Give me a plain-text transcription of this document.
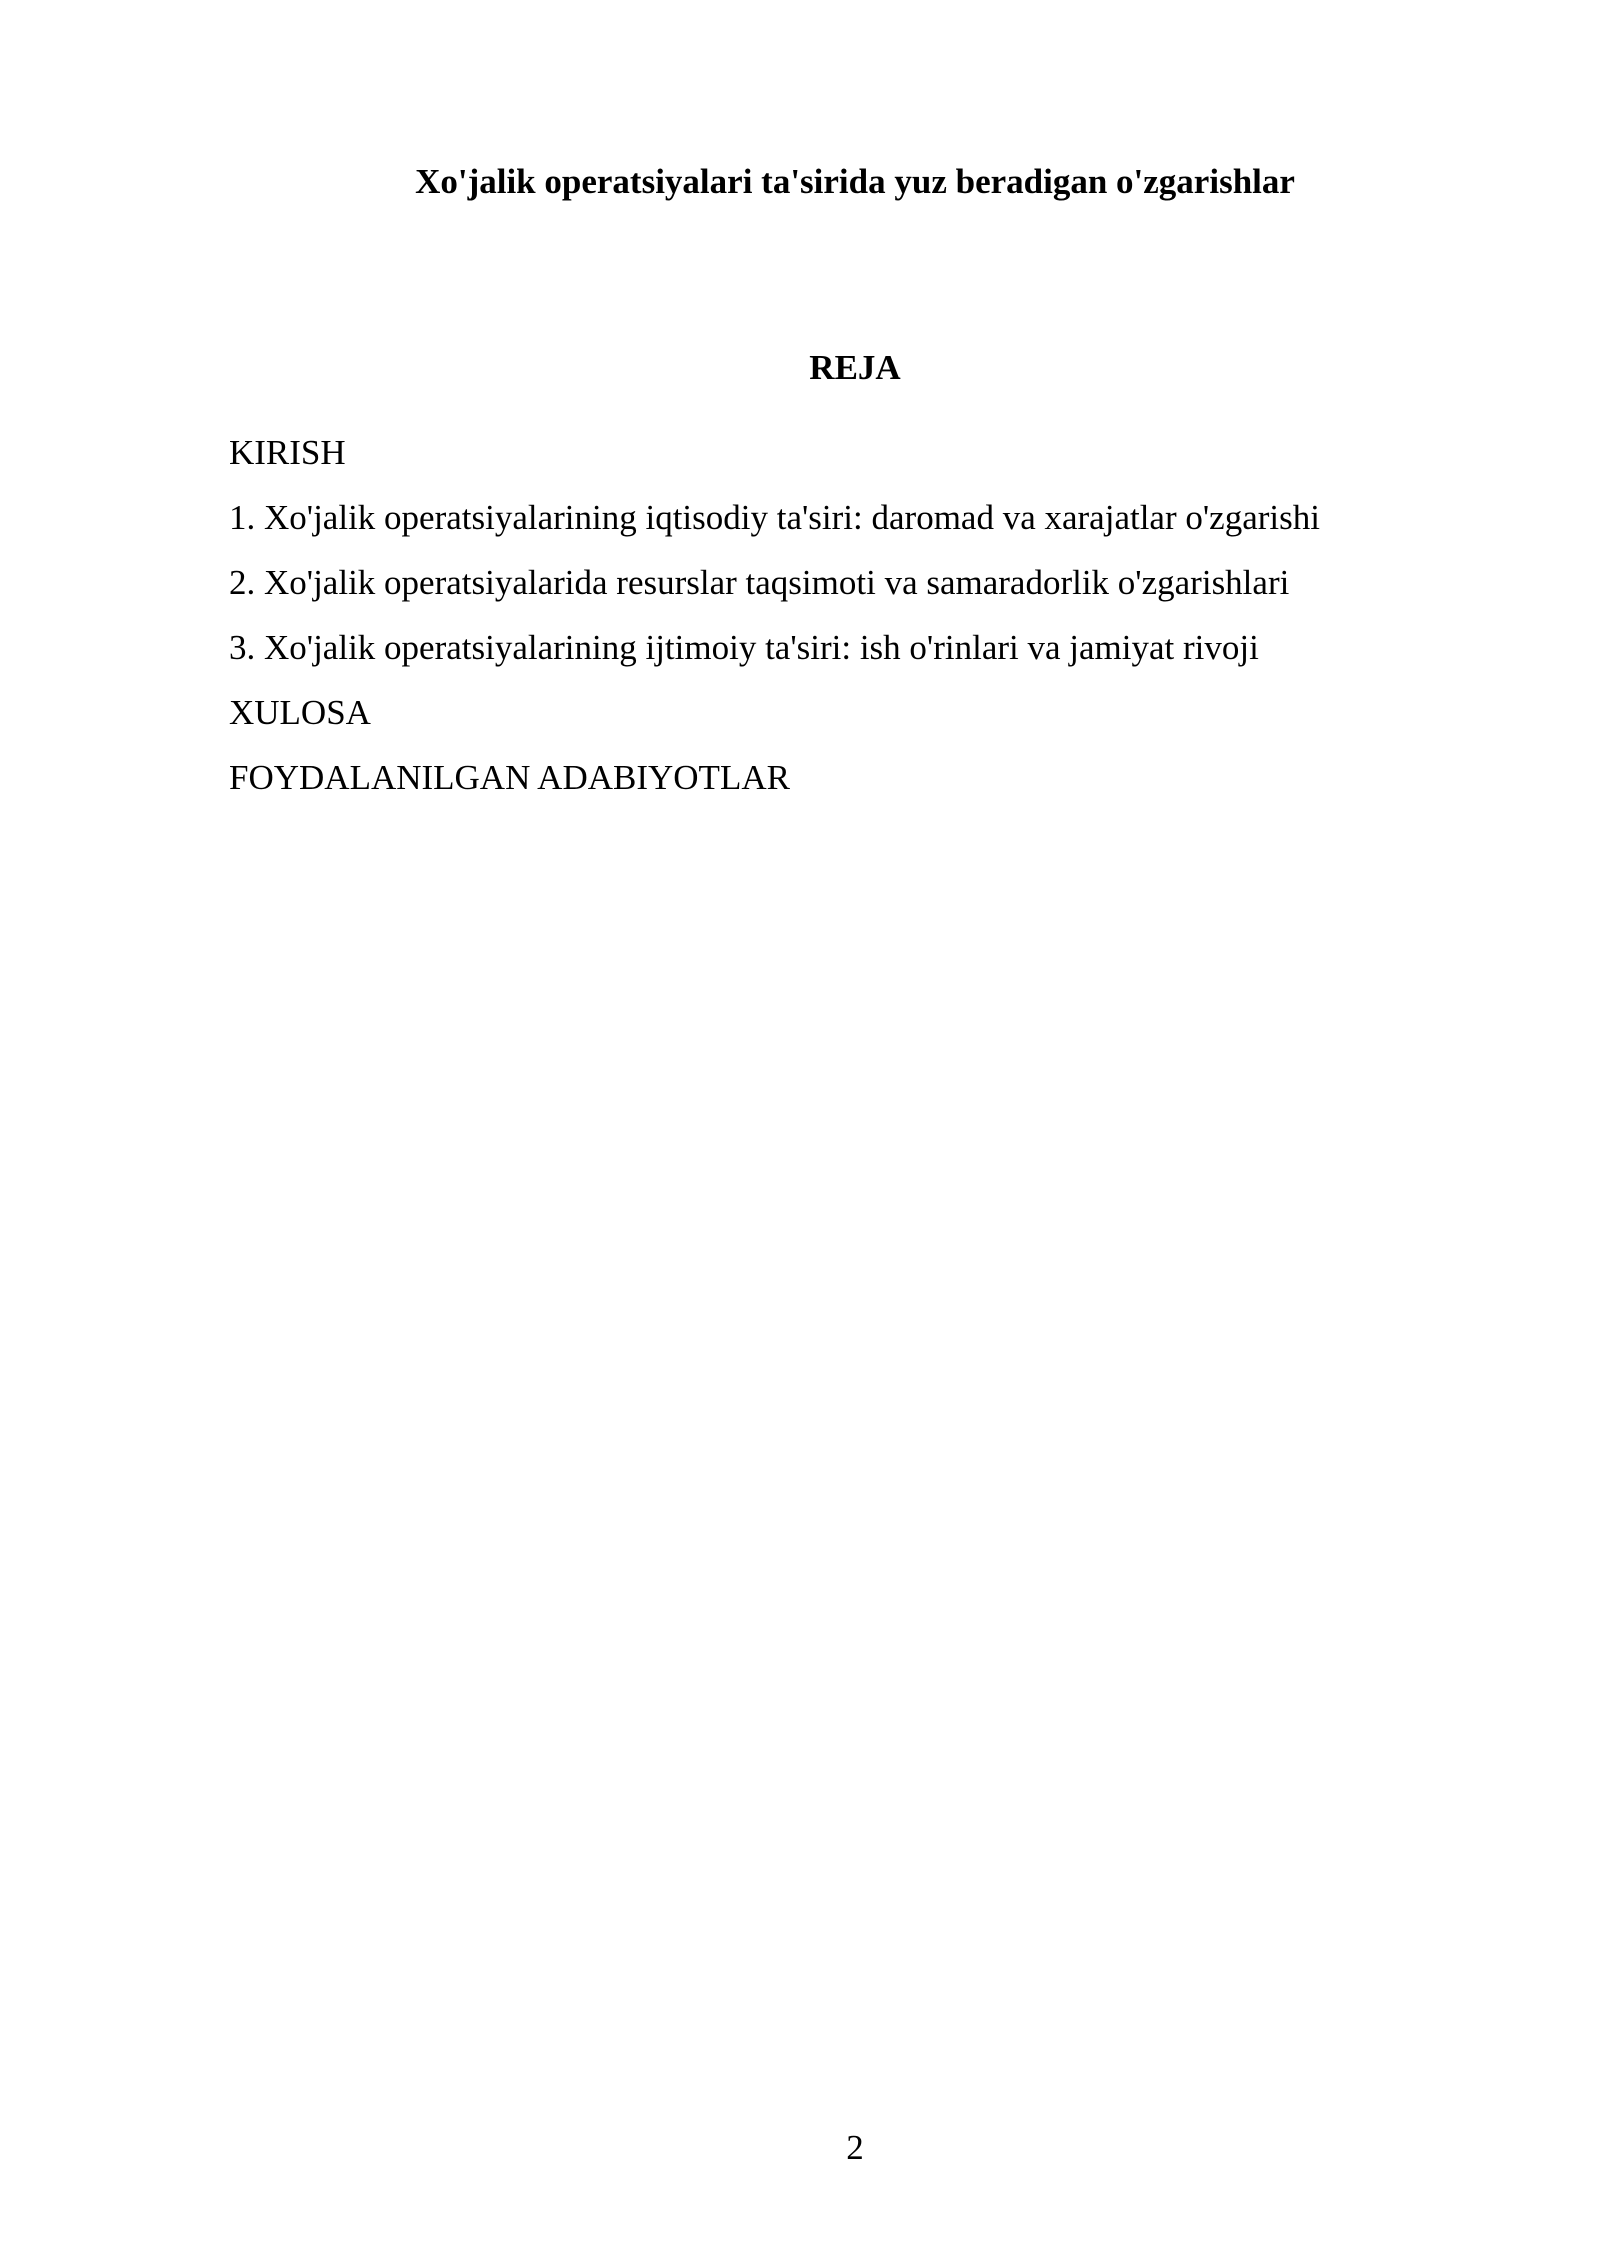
Xo'jalik operatsiyalari ta'sirida yuz beradigan o'zgarishlar
REJA
KIRISH
1. Xo'jalik operatsiyalarining iqtisodiy ta'siri: daromad va xarajatlar o'zgarishi
2. Xo'jalik operatsiyalarida resurslar taqsimoti va samaradorlik o'zgarishlari
3. Xo'jalik operatsiyalarining ijtimoiy ta'siri: ish o'rinlari va jamiyat rivoji
XULOSA
FOYDALANILGAN ADABIYOTLAR
2
